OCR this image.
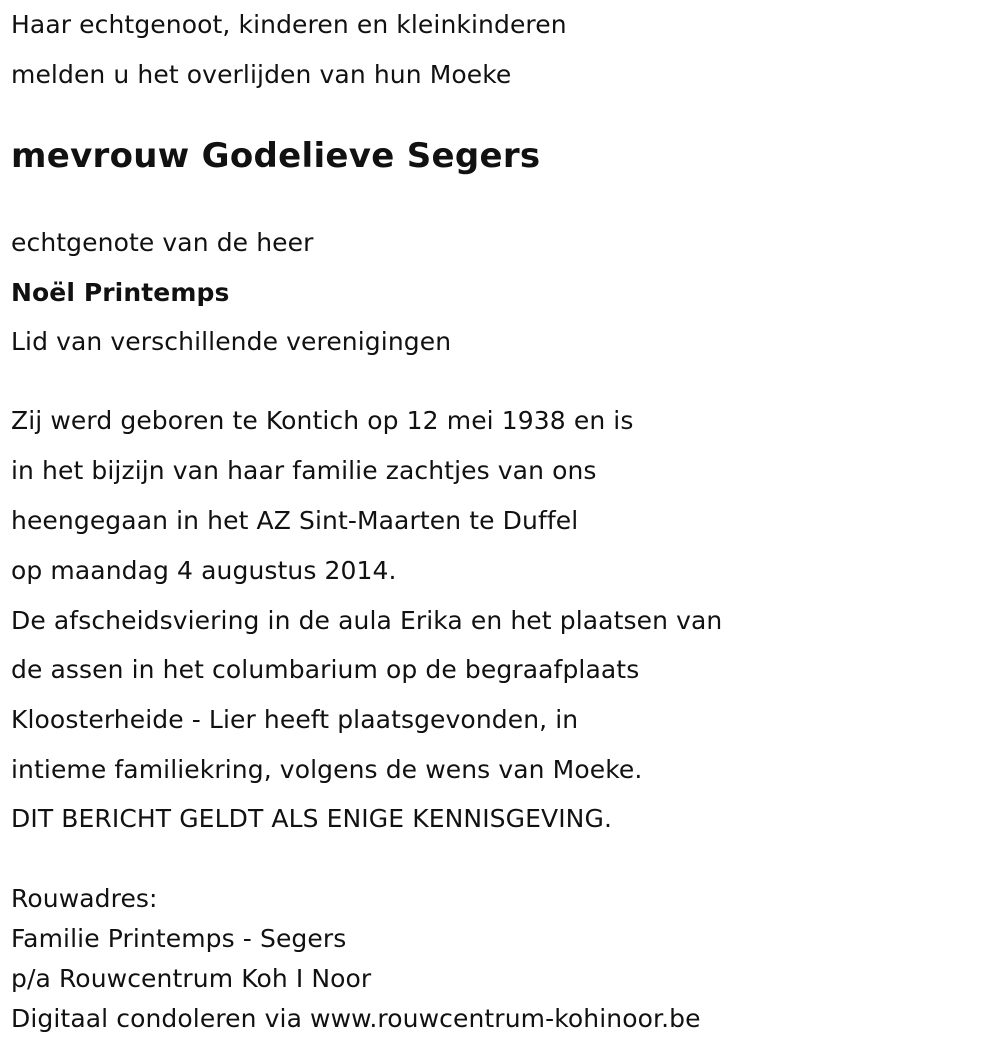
Haar echtgenoot, kinderen en kleinkinderen
melden u het overlijden van hun Moeke
mevrouw Godelieve Segers
echtgenote van de heer
Noël Printemps
Lid van verschillende verenigingen
Zij werd geboren te Kontich op 12 mei 1938 en is
in het bijzijn van haar familie zachtjes van ons
heengegaan in het AZ Sint-Maarten te Duffel
op maandag 4 augustus 2014.
De afscheidsviering in de aula Erika en het plaatsen van
de assen in het columbarium op de begraafplaats
Kloosterheide - Lier heeft plaatsgevonden, in
intieme familiekring, volgens de wens van Moeke.
DIT BERICHT GELDT ALS ENIGE KENNISGEVING.
Rouwadres:
Familie Printemps - Segers
p/a Rouwcentrum Koh I Noor
Digitaal condoleren via www.rouwcentrum-kohinoor.be
